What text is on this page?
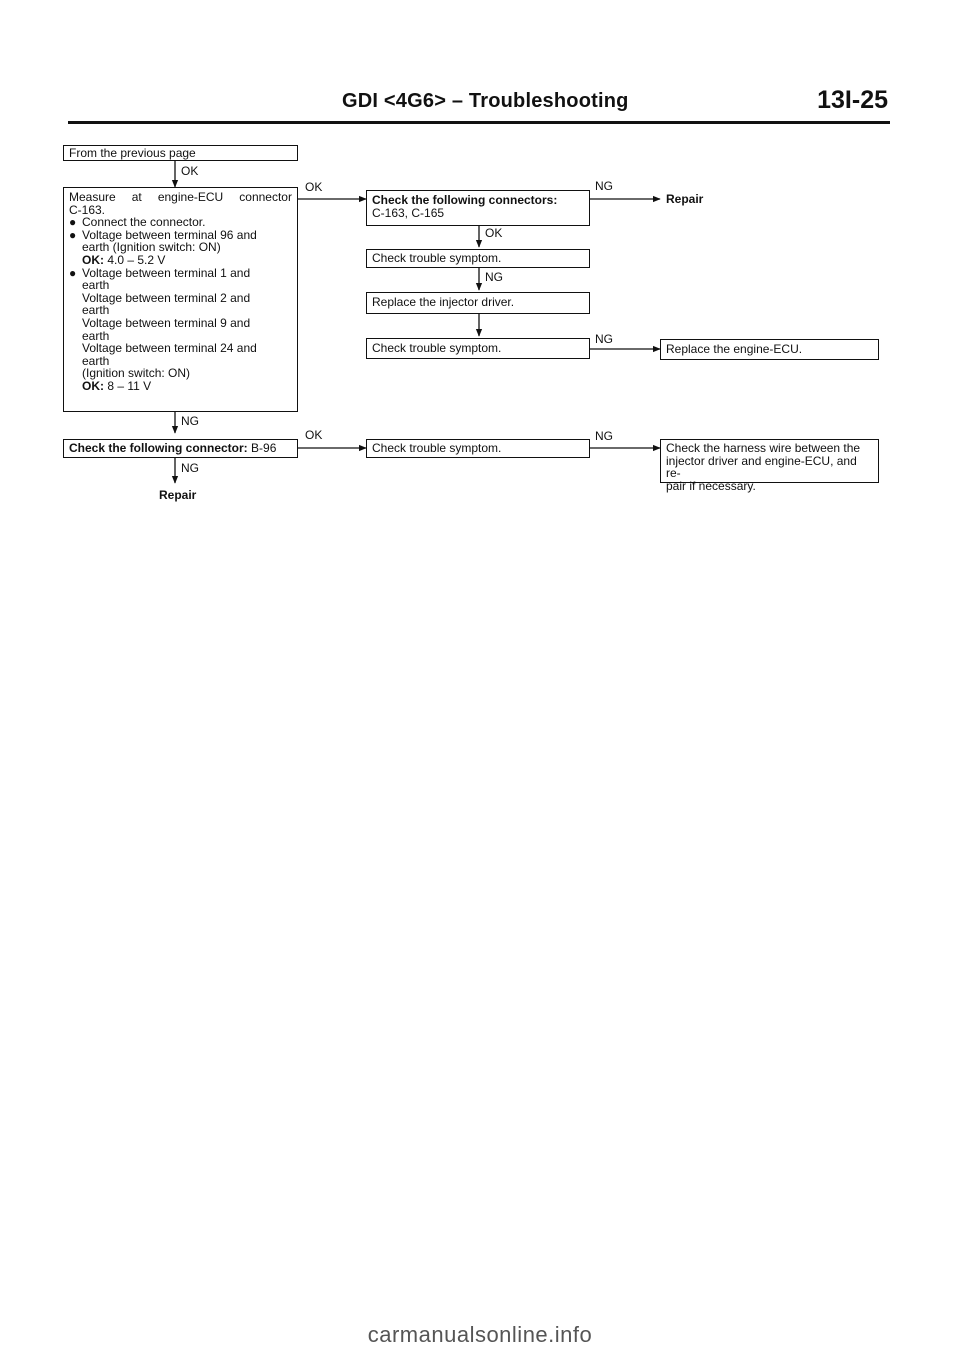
GDI <4G6> – Troubleshooting	13I-25
From the previous page
Measure at engine-ECU connector
C-163.
● Connect the connector.
● Voltage between terminal 96 and
earth (Ignition switch: ON)
OK: 4.0 – 5.2 V
● Voltage between terminal 1 and
earth
Voltage between terminal 2 and
earth
Voltage between terminal 9 and
earth
Voltage between terminal 24 and
earth
(Ignition switch: ON)
OK: 8 – 11 V
Check the following connector: B-96
Check the following connectors:
C-163, C-165
Check trouble symptom.
Replace the injector driver.
Check trouble symptom.
Check trouble symptom.
Replace the engine-ECU.
Check the harness wire between the
injector driver and engine-ECU, and re-
pair if necessary.
Repair
Repair
OK
OK	NG
OK
NG
NG
NG
OK	NG
NG
carmanualsonline.info
